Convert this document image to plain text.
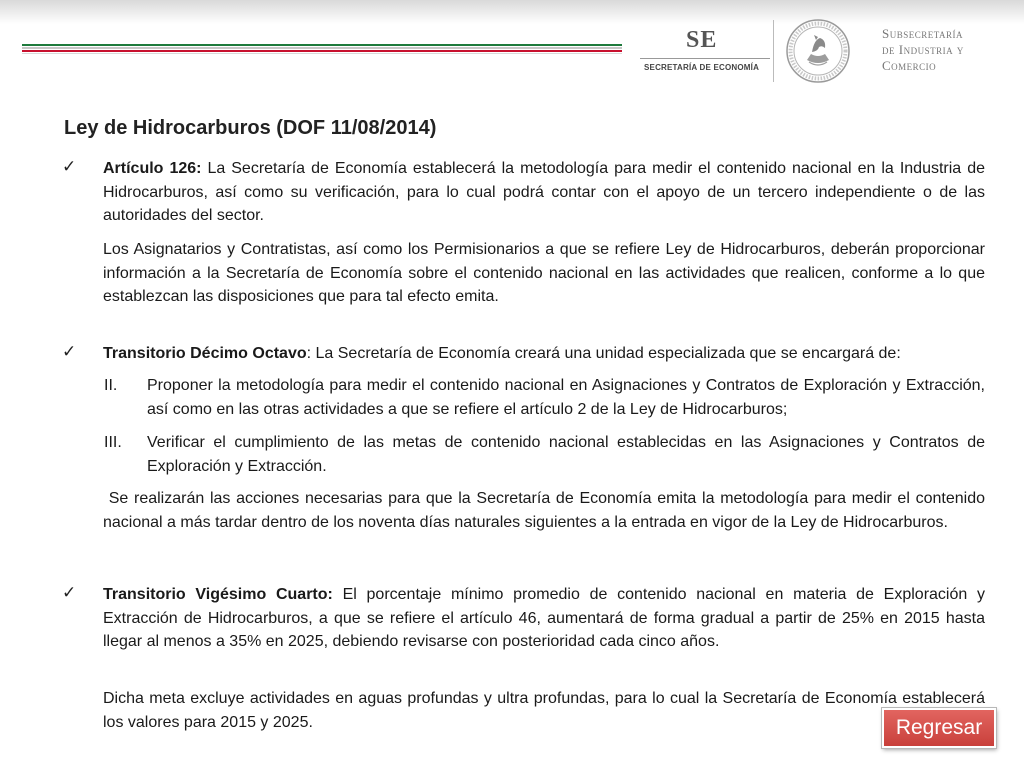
SE
SECRETARÍA DE ECONOMÍA
Subsecretaría
de Industria y
Comercio
Ley de Hidrocarburos (DOF 11/08/2014)
✓	Artículo 126: La Secretaría de Economía establecerá la metodología para medir el contenido nacional en la Industria de Hidrocarburos, así como su verificación, para lo cual podrá contar con el apoyo de un tercero independiente o de las autoridades del sector.
Los Asignatarios y Contratistas, así como los Permisionarios a que se refiere Ley de Hidrocarburos, deberán proporcionar información a la Secretaría de Economía sobre el contenido nacional en las actividades que realicen, conforme a lo que establezcan las disposiciones que para tal efecto emita.
✓	Transitorio Décimo Octavo: La Secretaría de Economía creará una unidad especializada que se encargará de:
II.	Proponer la metodología para medir el contenido nacional en Asignaciones y Contratos de Exploración y Extracción, así como en las otras actividades a que se refiere el artículo 2 de la Ley de Hidrocarburos;
III.	Verificar el cumplimiento de las metas de contenido nacional establecidas en las Asignaciones y Contratos de Exploración y Extracción.
Se realizarán las acciones necesarias para que la Secretaría de Economía emita la metodología para medir el contenido nacional a más tardar dentro de los noventa días naturales siguientes a la entrada en vigor de la Ley de Hidrocarburos.
✓	Transitorio Vigésimo Cuarto: El porcentaje mínimo promedio de contenido nacional en materia de Exploración y Extracción de Hidrocarburos, a que se refiere el artículo 46, aumentará de forma gradual a partir de 25% en 2015 hasta llegar al menos a 35% en 2025, debiendo revisarse con posterioridad cada cinco años.
Dicha meta excluye actividades en aguas profundas y ultra profundas, para lo cual la Secretaría de Economía establecerá los valores para 2015 y 2025.	Regresar
